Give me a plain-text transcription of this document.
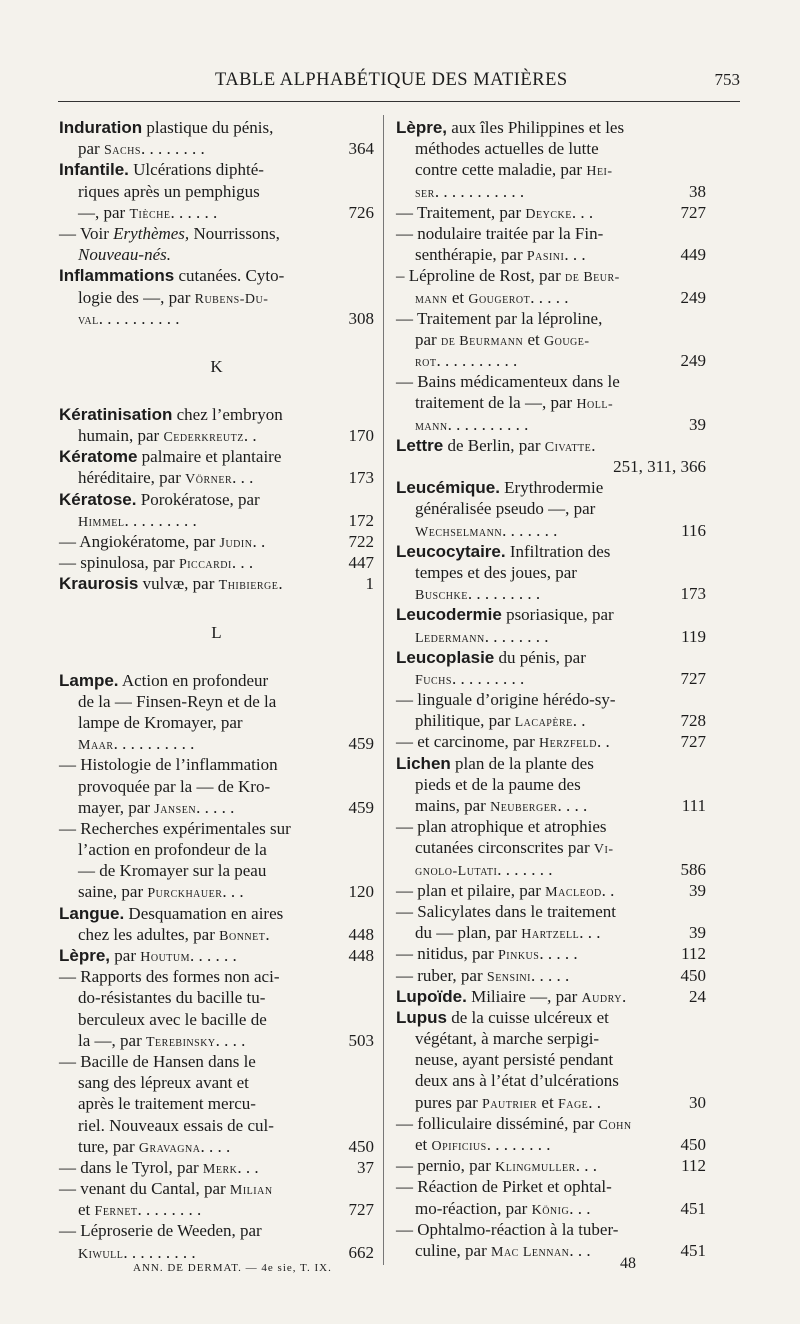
TABLE ALPHABÉTIQUE DES MATIÈRES	753
Induration plastique du pénis,
par Sachs. . . . . . . .	364
Infantile. Ulcérations diphté-
riques après un pemphigus
—, par Tièche. . . . . .	726
— Voir Erythèmes, Nourrissons,
Nouveau-nés.
Inflammations cutanées. Cyto-
logie des —, par Rubens-Du-
val. . . . . . . . . .	308
K
Kératinisation chez l’embryon
humain, par Cederkreutz. .	170
Kératome palmaire et plantaire
héréditaire, par Vörner. . .	173
Kératose. Porokératose, par
Himmel. . . . . . . . .	172
— Angiokératome, par Judin. .	722
— spinulosa, par Piccardi. . .	447
Kraurosis vulvæ, par Thibierge.	1
L
Lampe. Action en profondeur
de la — Finsen-Reyn et de la
lampe de Kromayer, par
Maar. . . . . . . . . .	459
— Histologie de l’inflammation
provoquée par la — de Kro-
mayer, par Jansen. . . . .	459
— Recherches expérimentales sur
l’action en profondeur de la
— de Kromayer sur la peau
saine, par Purckhauer. . .	120
Langue. Desquamation en aires
chez les adultes, par Bonnet.	448
Lèpre, par Houtum. . . . . .	448
— Rapports des formes non aci-
do-résistantes du bacille tu-
berculeux avec le bacille de
la —, par Terebinsky. . . .	503
— Bacille de Hansen dans le
sang des lépreux avant et
après le traitement mercu-
riel. Nouveaux essais de cul-
ture, par Gravagna. . . .	450
— dans le Tyrol, par Merk. . .	37
— venant du Cantal, par Milian
et Fernet. . . . . . . .	727
— Léproserie de Weeden, par
Kiwull. . . . . . . . .	662
Lèpre, aux îles Philippines et les
méthodes actuelles de lutte
contre cette maladie, par Hei-
ser. . . . . . . . . . .	38
— Traitement, par Deycke. . .	727
— nodulaire traitée par la Fin-
senthérapie, par Pasini. . .	449
– Léproline de Rost, par de Beur-
mann et Gougerot. . . . .	249
— Traitement par la léproline,
par de Beurmann et Gouge-
rot. . . . . . . . . .	249
— Bains médicamenteux dans le
traitement de la —, par Holl-
mann. . . . . . . . . .	39
Lettre de Berlin, par Civatte.
251, 311, 366
Leucémique. Erythrodermie
généralisée pseudo —, par
Wechselmann. . . . . . .	116
Leucocytaire. Infiltration des
tempes et des joues, par
Buschke. . . . . . . . .	173
Leucodermie psoriasique, par
Ledermann. . . . . . . .	119
Leucoplasie du pénis, par
Fuchs. . . . . . . . .	727
— linguale d’origine hérédo-sy-
philitique, par Lacapère. .	728
— et carcinome, par Herzfeld. .	727
Lichen plan de la plante des
pieds et de la paume des
mains, par Neuberger. . . .	111
— plan atrophique et atrophies
cutanées circonscrites par Vi-
gnolo-Lutati. . . . . . .	586
— plan et pilaire, par Macleod. .	39
— Salicylates dans le traitement
du — plan, par Hartzell. . .	39
— nitidus, par Pinkus. . . . .	112
— ruber, par Sensini. . . . .	450
Lupoïde. Miliaire —, par Audry.	24
Lupus de la cuisse ulcéreux et
végétant, à marche serpigi-
neuse, ayant persisté pendant
deux ans à l’état d’ulcérations
pures par Pautrier et Fage. .	30
— folliculaire disséminé, par Cohn
et Opificius. . . . . . . .	450
— pernio, par Klingmuller. . .	112
— Réaction de Pirket et ophtal-
mo-réaction, par König. . .	451
— Ophtalmo-réaction à la tuber-
culine, par Mac Lennan. . .	451
ANN. DE DERMAT. — 4e sie, T. IX.	48
